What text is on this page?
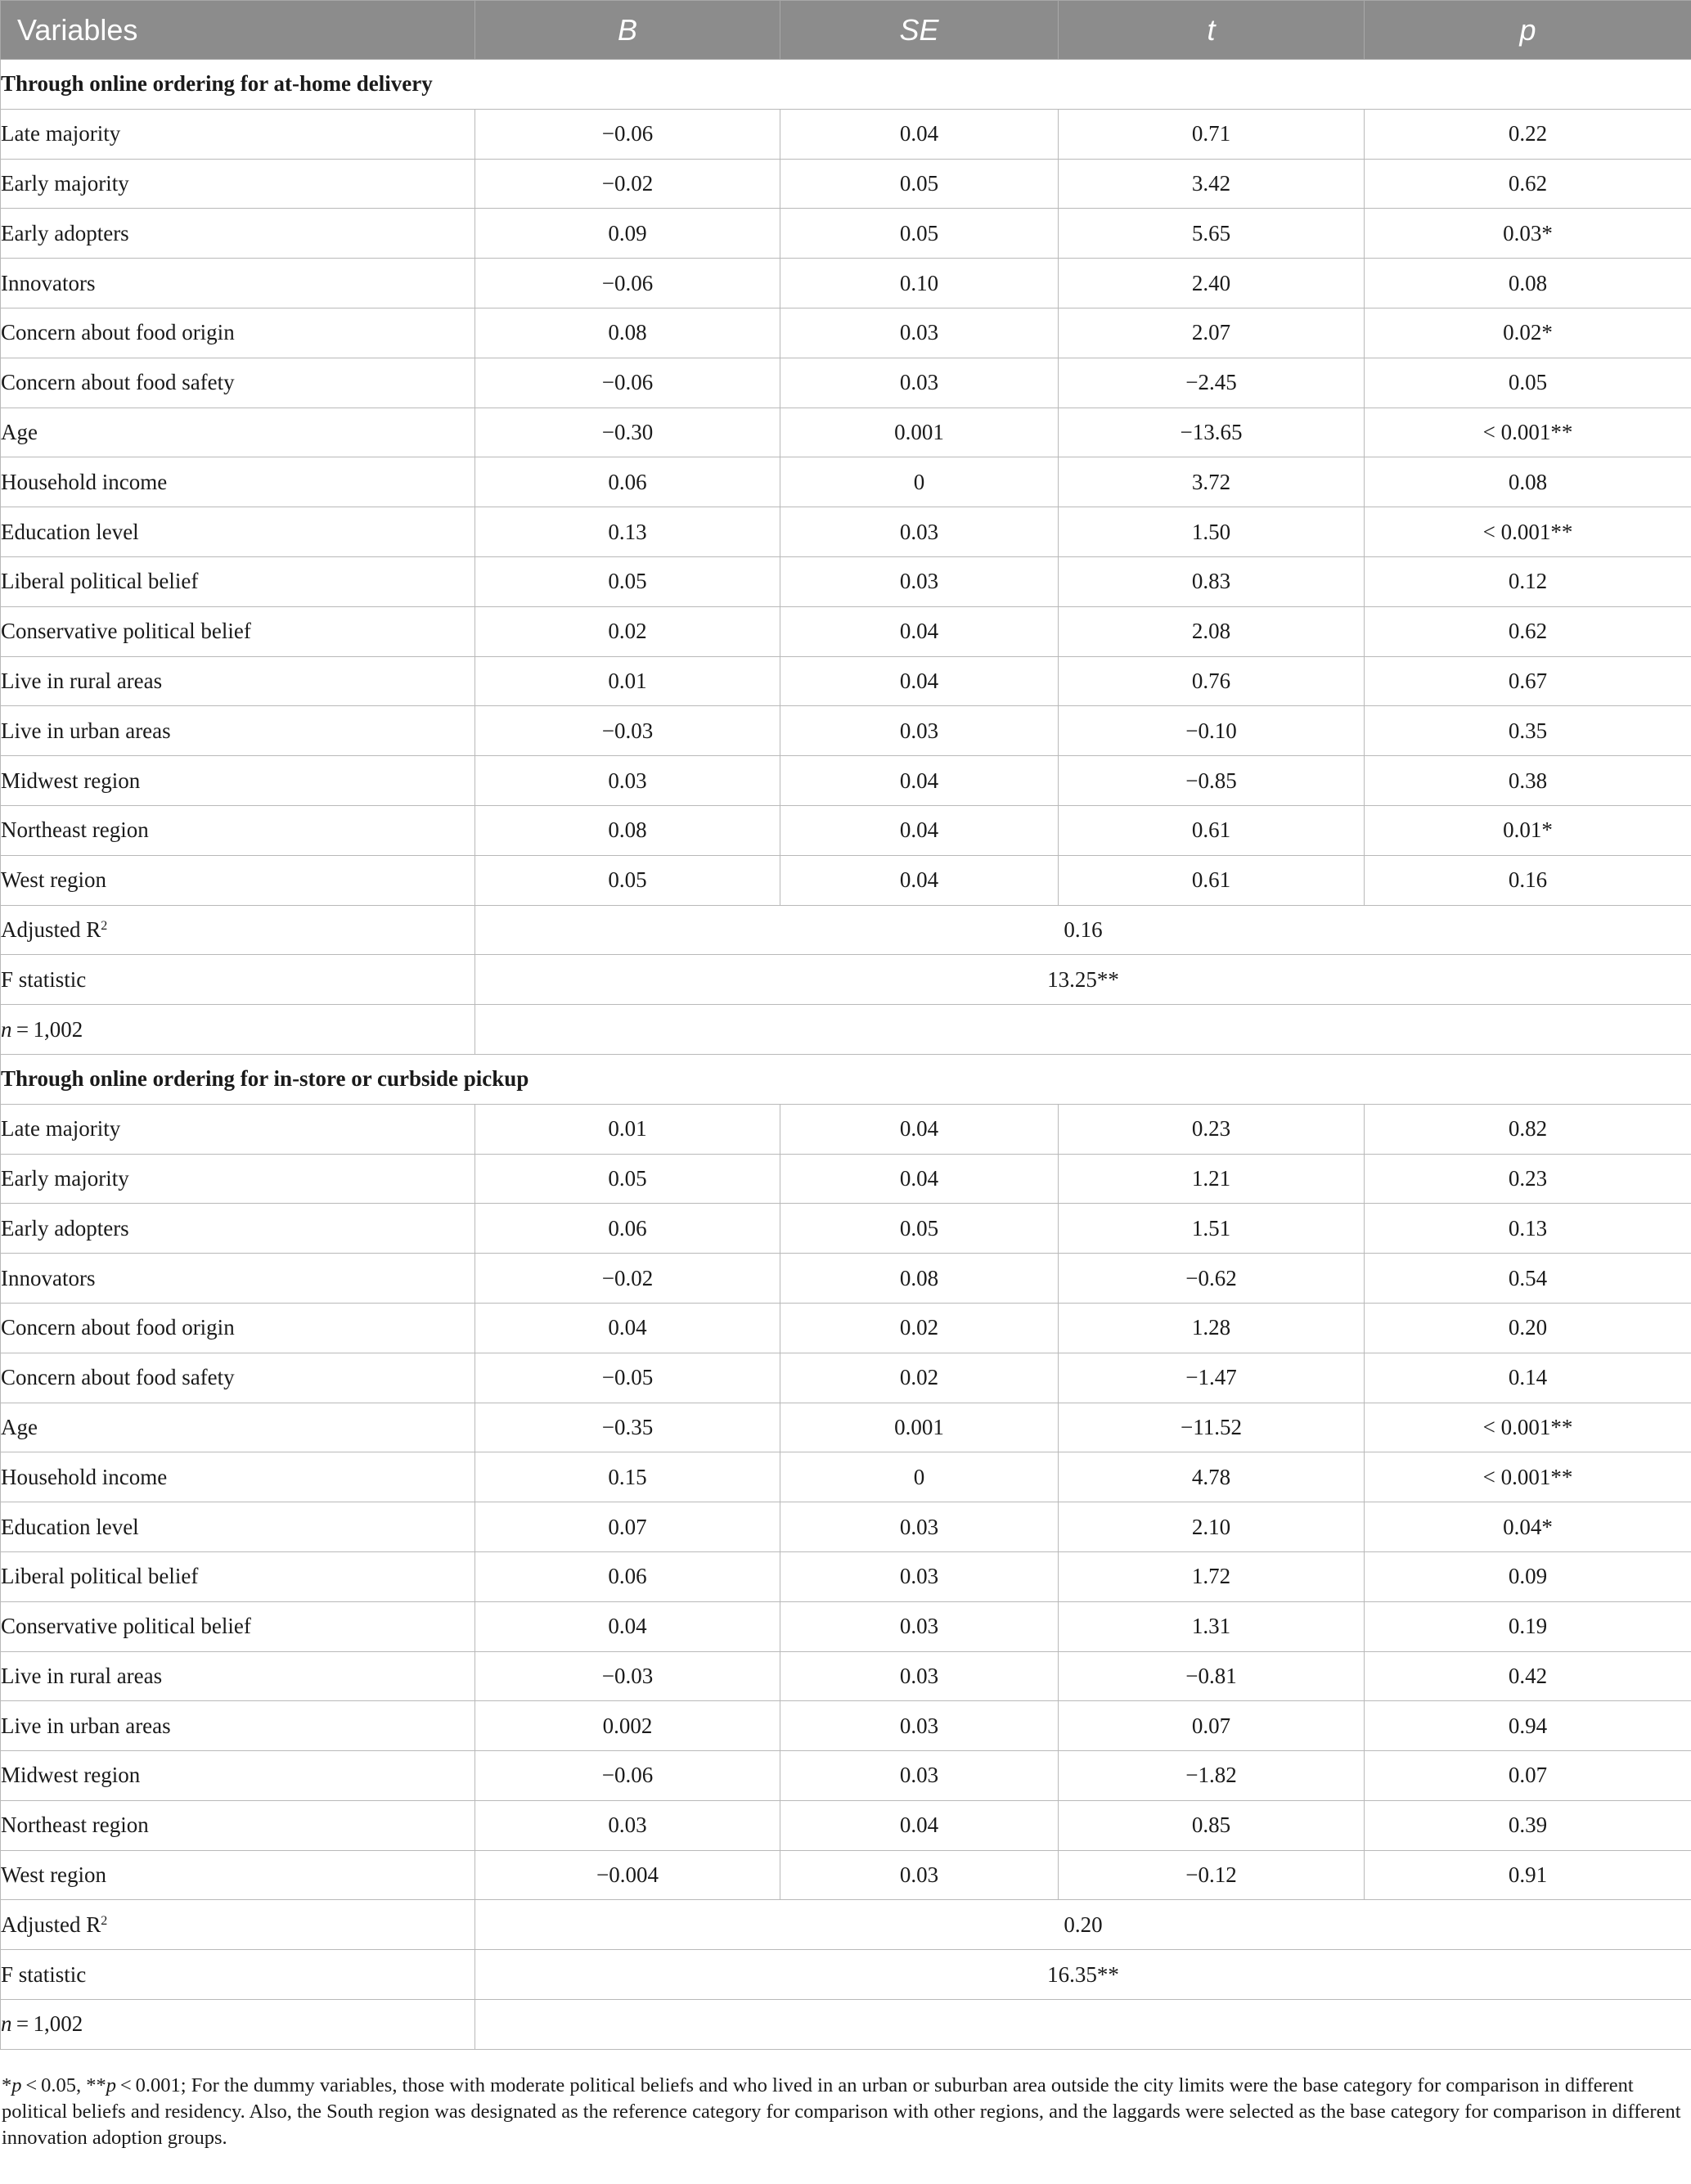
Variables	B	SE	t	p
Through online ordering for at-home delivery				
Late majority	−0.06	0.04	0.71	0.22
Early majority	−0.02	0.05	3.42	0.62
Early adopters	0.09	0.05	5.65	0.03*
Innovators	−0.06	0.10	2.40	0.08
Concern about food origin	0.08	0.03	2.07	0.02*
Concern about food safety	−0.06	0.03	−2.45	0.05
Age	−0.30	0.001	−13.65	< 0.001**
Household income	0.06	0	3.72	0.08
Education level	0.13	0.03	1.50	< 0.001**
Liberal political belief	0.05	0.03	0.83	0.12
Conservative political belief	0.02	0.04	2.08	0.62
Live in rural areas	0.01	0.04	0.76	0.67
Live in urban areas	−0.03	0.03	−0.10	0.35
Midwest region	0.03	0.04	−0.85	0.38
Northeast region	0.08	0.04	0.61	0.01*
West region	0.05	0.04	0.61	0.16
Adjusted $R^2$	0.16			
F statistic	13.25**			
n = 1,002				
Through online ordering for in-store or curbside pickup				
Late majority	0.01	0.04	0.23	0.82
Early majority	0.05	0.04	1.21	0.23
Early adopters	0.06	0.05	1.51	0.13
Innovators	−0.02	0.08	−0.62	0.54
Concern about food origin	0.04	0.02	1.28	0.20
Concern about food safety	−0.05	0.02	−1.47	0.14
Age	−0.35	0.001	−11.52	< 0.001**
Household income	0.15	0	4.78	< 0.001**
Education level	0.07	0.03	2.10	0.04*
Liberal political belief	0.06	0.03	1.72	0.09
Conservative political belief	0.04	0.03	1.31	0.19
Live in rural areas	−0.03	0.03	−0.81	0.42
Live in urban areas	0.002	0.03	0.07	0.94
Midwest region	−0.06	0.03	−1.82	0.07
Northeast region	0.03	0.04	0.85	0.39
West region	−0.004	0.03	−0.12	0.91
Adjusted $R^2$	0.20			
F statistic	16.35**			
n = 1,002				
*p < 0.05, **p < 0.001; For the dummy variables, those with moderate political beliefs and who lived in an urban or suburban area outside the city limits were the base category for comparison in different political beliefs and residency. Also, the South region was designated as the reference category for comparison with other regions, and the laggards were selected as the base category for comparison in different innovation adoption groups.
